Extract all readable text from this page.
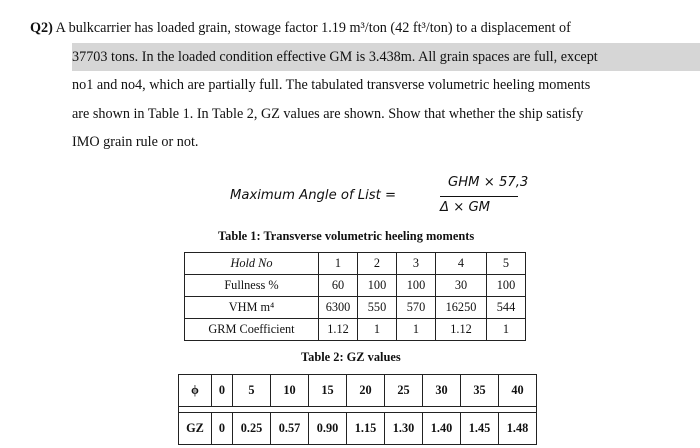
Q2) A bulkcarrier has loaded grain, stowage factor 1.19 m³/ton (42 ft³/ton) to a displacement of
37703 tons. In the loaded condition effective GM is 3.438m. All grain spaces are full, except
no1 and no4, which are partially full. The tabulated transverse volumetric heeling moments
are shown in Table 1. In Table 2, GZ values are shown. Show that whether the ship satisfy
IMO grain rule or not.
Maximum Angle of List =
GHM × 57,3
Δ × GM
Table 1: Transverse volumetric heeling moments
Hold No	1	2	3	4	5
Fullness %	60	100	100	30	100
VHM m⁴	6300	550	570	16250	544
GRM Coefficient	1.12	1	1	1.12	1
Table 2: GZ values
ϕ	0	5	10	15	20	25	30	35	40

GZ	0	0.25	0.57	0.90	1.15	1.30	1.40	1.45	1.48
